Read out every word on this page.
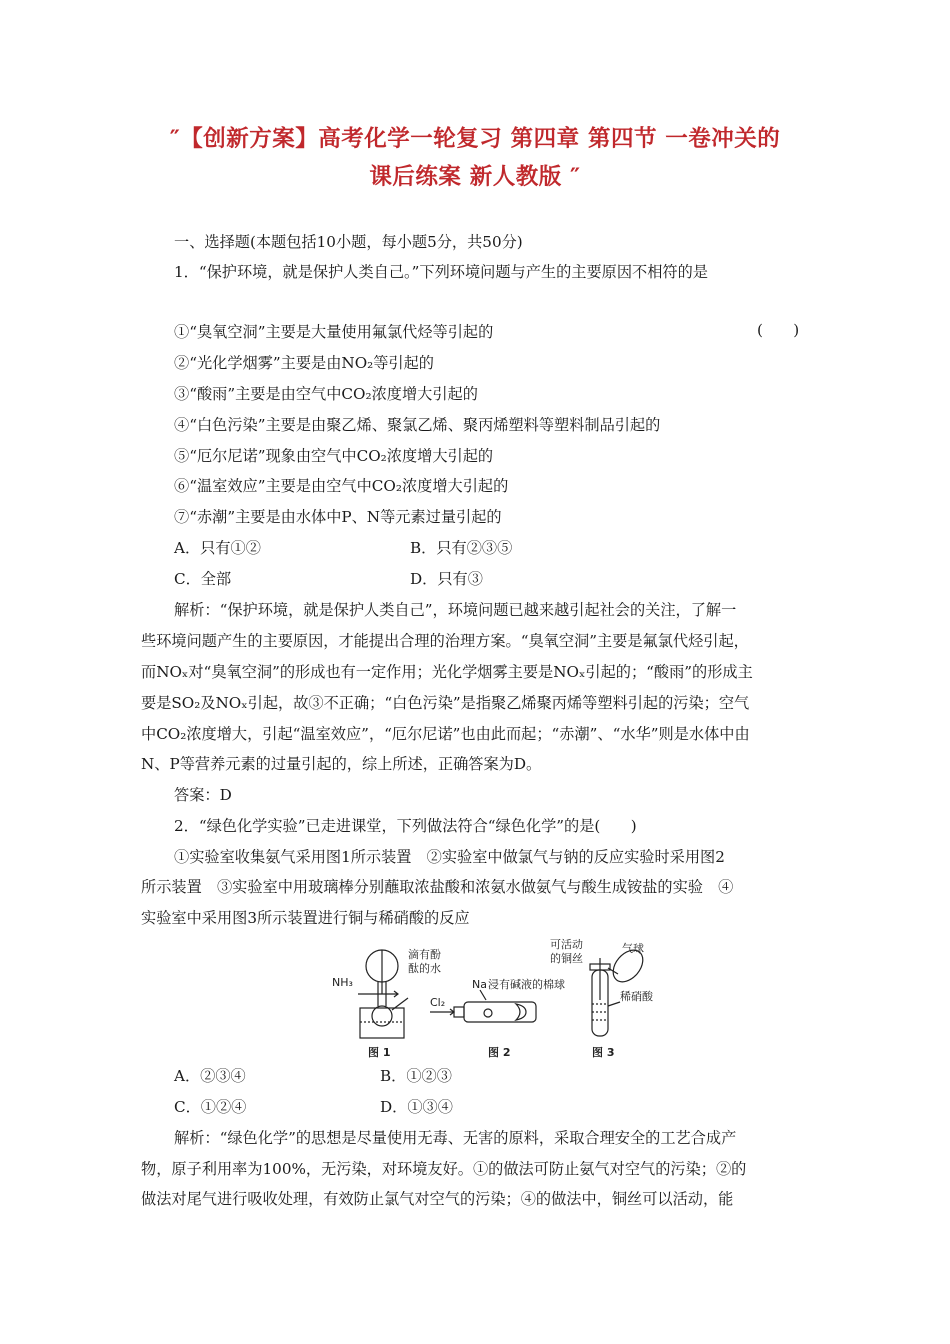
″【创新方案】高考化学一轮复习 第四章 第四节 一卷冲关的
课后练案 新人教版 ″
一、选择题(本题包括10小题，每小题5分，共50分)
1．“保护环境，就是保护人类自己。”下列环境问题与产生的主要原因不相符的是
(　　)
①“臭氧空洞”主要是大量使用氟氯代烃等引起的
②“光化学烟雾”主要是由NO₂等引起的
③“酸雨”主要是由空气中CO₂浓度增大引起的
④“白色污染”主要是由聚乙烯、聚氯乙烯、聚丙烯塑料等塑料制品引起的
⑤“厄尔尼诺”现象由空气中CO₂浓度增大引起的
⑥“温室效应”主要是由空气中CO₂浓度增大引起的
⑦“赤潮”主要是由水体中P、N等元素过量引起的
A．只有①②	B．只有②③⑤
C．全部	D．只有③
解析：“保护环境，就是保护人类自己”，环境问题已越来越引起社会的关注，了解一
些环境问题产生的主要原因，才能提出合理的治理方案。“臭氧空洞”主要是氟氯代烃引起，
而NOₓ对“臭氧空洞”的形成也有一定作用；光化学烟雾主要是NOₓ引起的；“酸雨”的形成主
要是SO₂及NOₓ引起，故③不正确；“白色污染”是指聚乙烯聚丙烯等塑料引起的污染；空气
中CO₂浓度增大，引起“温室效应”，“厄尔尼诺”也由此而起；“赤潮”、“水华”则是水体中由
N、P等营养元素的过量引起的，综上所述，正确答案为D。
答案：D
2．“绿色化学实验”已走进课堂，下列做法符合“绿色化学”的是(　　)
①实验室收集氨气采用图1所示装置　②实验室中做氯气与钠的反应实验时采用图2
所示装置　③实验室中用玻璃棒分别蘸取浓盐酸和浓氨水做氨气与酸生成铵盐的实验　④
实验室中采用图3所示装置进行铜与稀硝酸的反应
NH₃
滴有酚
酞的水
图 1
Cl₂
Na 浸有碱液的棉球
图 2
可活动
的铜丝
气球
稀硝酸
图 3
A．②③④	B．①②③
C．①②④	D．①③④
解析：“绿色化学”的思想是尽量使用无毒、无害的原料，采取合理安全的工艺合成产
物，原子利用率为100%，无污染，对环境友好。①的做法可防止氨气对空气的污染；②的
做法对尾气进行吸收处理，有效防止氯气对空气的污染；④的做法中，铜丝可以活动，能
